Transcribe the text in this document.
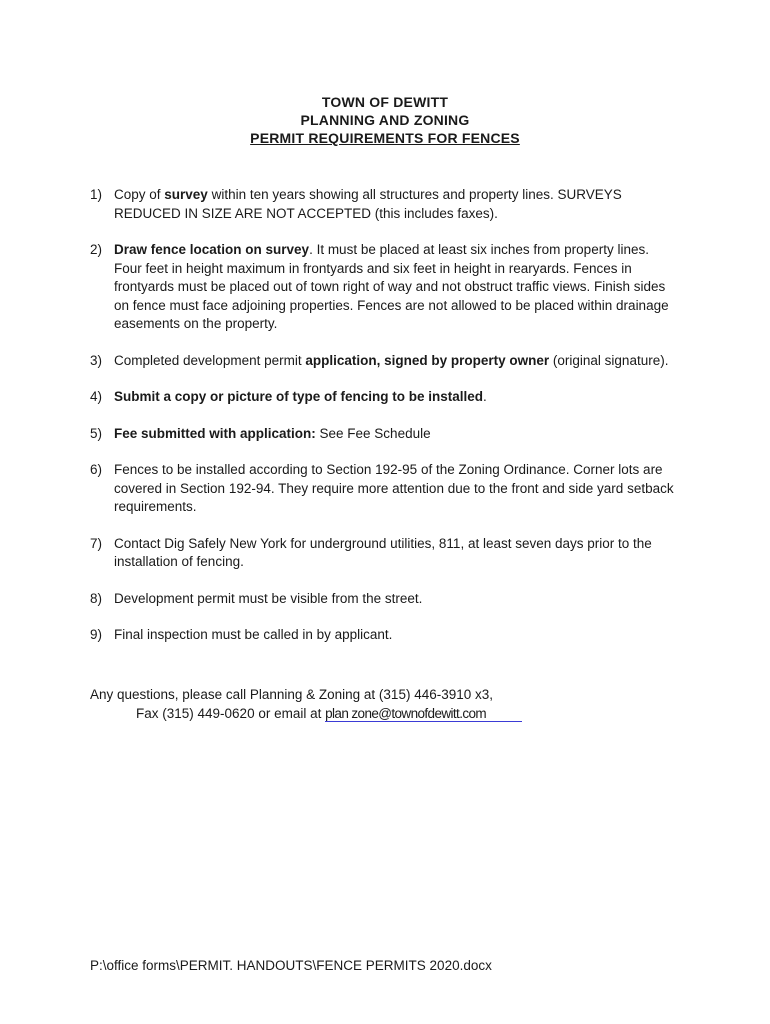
TOWN OF DEWITT
PLANNING AND ZONING
PERMIT REQUIREMENTS FOR FENCES
1) Copy of survey within ten years showing all structures and property lines. SURVEYS REDUCED IN SIZE ARE NOT ACCEPTED (this includes faxes).
2) Draw fence location on survey. It must be placed at least six inches from property lines. Four feet in height maximum in frontyards and six feet in height in rearyards. Fences in frontyards must be placed out of town right of way and not obstruct traffic views. Finish sides on fence must face adjoining properties. Fences are not allowed to be placed within drainage easements on the property.
3) Completed development permit application, signed by property owner (original signature).
4) Submit a copy or picture of type of fencing to be installed.
5) Fee submitted with application: See Fee Schedule
6) Fences to be installed according to Section 192-95 of the Zoning Ordinance. Corner lots are covered in Section 192-94. They require more attention due to the front and side yard setback requirements.
7) Contact Dig Safely New York for underground utilities, 811, at least seven days prior to the installation of fencing.
8) Development permit must be visible from the street.
9) Final inspection must be called in by applicant.
Any questions, please call Planning & Zoning at (315) 446-3910 x3,
Fax (315) 449-0620 or email at plan zone@townofdewitt.com
P:\office forms\PERMIT. HANDOUTS\FENCE PERMITS 2020.docx
